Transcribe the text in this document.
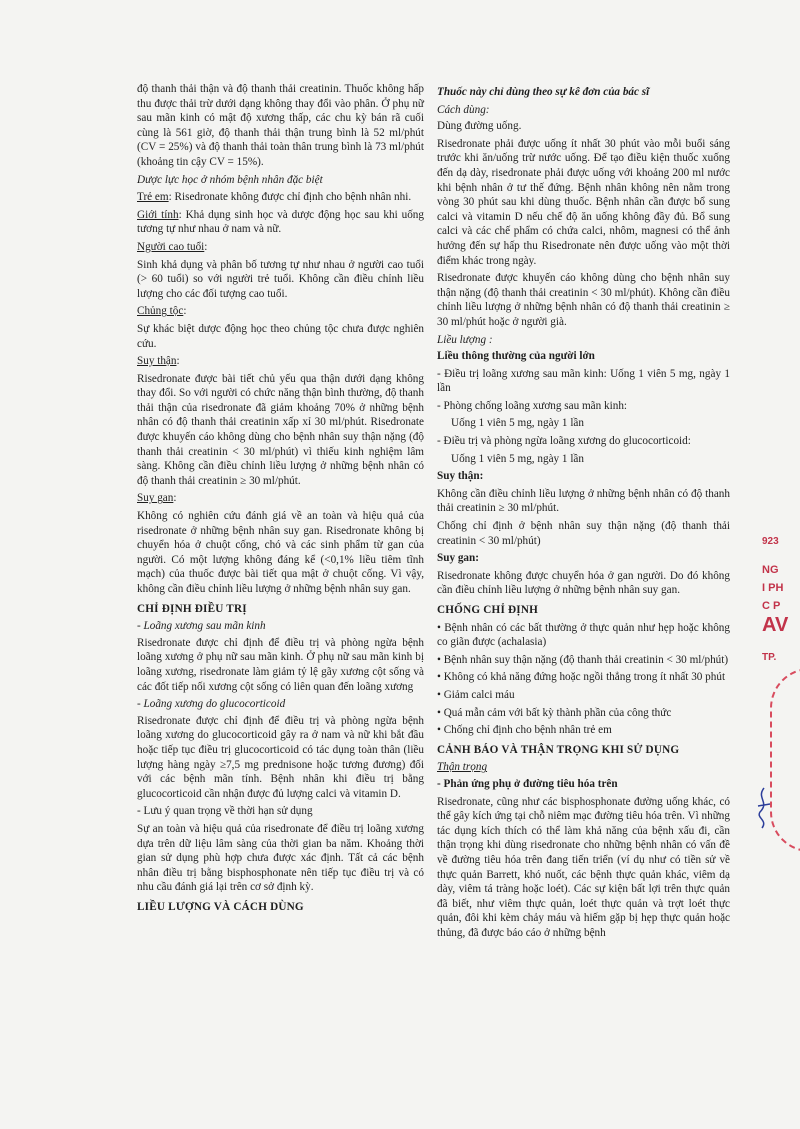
độ thanh thải thận và độ thanh thải creatinin. Thuốc không hấp thu được thải trừ dưới dạng không thay đổi vào phân. Ở phụ nữ sau mãn kinh có mật độ xương thấp, các chu kỳ bán rã cuối cùng là 561 giờ, độ thanh thải thận trung bình là 52 ml/phút (CV = 25%) và độ thanh thải toàn thân trung bình là 73 ml/phút (khoảng tin cậy CV = 15%).

Dược lực học ở nhóm bệnh nhân đặc biệt

Trẻ em: Risedronate không được chỉ định cho bệnh nhân nhi.

Giới tính: Khả dụng sinh học và dược động học sau khi uống tương tự như nhau ở nam và nữ.

Người cao tuổi:

Sinh khả dụng và phân bố tương tự như nhau ở người cao tuổi (> 60 tuổi) so với người trẻ tuổi. Không cần điều chỉnh liều lượng cho các đối tượng cao tuổi.

Chủng tộc:

Sự khác biệt dược động học theo chủng tộc chưa được nghiên cứu.

Suy thận:

Risedronate được bài tiết chủ yếu qua thận dưới dạng không thay đổi. So với người có chức năng thận bình thường, độ thanh thải thận của risedronate đã giảm khoảng 70% ở những bệnh nhân có độ thanh thải creatinin xấp xỉ 30 ml/phút. Risedronate được khuyến cáo không dùng cho bệnh nhân suy thận nặng (độ thanh thải creatinin < 30 ml/phút) vì thiếu kinh nghiệm lâm sàng. Không cần điều chỉnh liều lượng ở những bệnh nhân có độ thanh thải creatinin ≥ 30 ml/phút.

Suy gan:

Không có nghiên cứu đánh giá về an toàn và hiệu quả của risedronate ở những bệnh nhân suy gan. Risedronate không bị chuyển hóa ở chuột cống, chó và các sinh phẩm từ gan của người. Có một lượng không đáng kể (<0,1% liều tiêm tĩnh mạch) của thuốc được bài tiết qua mật ở chuột cống. Vì vậy, không cần điều chỉnh liều lượng ở những bệnh nhân suy gan.

CHỈ ĐỊNH ĐIỀU TRỊ

- Loãng xương sau mãn kinh

Risedronate được chỉ định để điều trị và phòng ngừa bệnh loãng xương ở phụ nữ sau mãn kinh. Ở phụ nữ sau mãn kinh bị loãng xương, risedronate làm giảm tỷ lệ gãy xương cột sống và các đốt tiếp nối xương cột sống có liên quan đến loãng xương

- Loãng xương do glucocorticoid

Risedronate được chỉ định để điều trị và phòng ngừa bệnh loãng xương do glucocorticoid gây ra ở nam và nữ khi bắt đầu hoặc tiếp tục điều trị glucocorticoid có tác dụng toàn thân (liều lượng hàng ngày ≥7,5 mg prednisone hoặc tương đương) đối với các bệnh mãn tính. Bệnh nhân khi điều trị bằng glucocorticoid cần nhận được đủ lượng calci và vitamin D.

- Lưu ý quan trọng về thời hạn sử dụng

Sự an toàn và hiệu quả của risedronate để điều trị loãng xương dựa trên dữ liệu lâm sàng của thời gian ba năm. Khoảng thời gian sử dụng phù hợp chưa được xác định. Tất cả các bệnh nhân điều trị bằng bisphosphonate nên tiếp tục điều trị và có nhu cầu đánh giá lại trên cơ sở định kỳ.

LIỀU LƯỢNG VÀ CÁCH DÙNG

Thuốc này chỉ dùng theo sự kê đơn của bác sĩ

Cách dùng:

Dùng đường uống.

Risedronate phải được uống ít nhất 30 phút vào mỗi buổi sáng trước khi ăn/uống trừ nước uống. Để tạo điều kiện thuốc xuống đến dạ dày, risedronate phải được uống với khoảng 200 ml nước khi bệnh nhân ở tư thế đứng. Bệnh nhân không nên nằm trong vòng 30 phút sau khi dùng thuốc. Bệnh nhân cần được bổ sung calci và vitamin D nếu chế độ ăn uống không đầy đủ. Bổ sung calci và các chế phẩm có chứa calci, nhôm, magnesi có thể ảnh hưởng đến sự hấp thu Risedronate nên được uống vào một thời điểm khác trong ngày.

Risedronate được khuyến cáo không dùng cho bệnh nhân suy thận nặng (độ thanh thải creatinin < 30 ml/phút). Không cần điều chỉnh liều lượng ở những bệnh nhân có độ thanh thải creatinin ≥ 30 ml/phút hoặc ở người già.

Liều lượng :

Liều thông thường của người lớn

- Điều trị loãng xương sau mãn kinh: Uống 1 viên 5 mg, ngày 1 lần

- Phòng chống loãng xương sau mãn kinh:

Uống 1 viên 5 mg, ngày 1 lần

- Điều trị và phòng ngừa loãng xương do glucocorticoid:

Uống 1 viên 5 mg, ngày 1 lần

Suy thận:

Không cần điều chỉnh liều lượng ở những bệnh nhân có độ thanh thải creatinin ≥ 30 ml/phút.

Chống chỉ định ở bệnh nhân suy thận nặng (độ thanh thải creatinin < 30 ml/phút)

Suy gan:

Risedronate không được chuyển hóa ở gan người. Do đó không cần điều chỉnh liều lượng ở những bệnh nhân suy gan.

CHỐNG CHỈ ĐỊNH

• Bệnh nhân có các bất thường ở thực quản như hẹp hoặc không co giãn được (achalasia)

• Bệnh nhân suy thận nặng (độ thanh thải creatinin < 30 ml/phút)

• Không có khả năng đứng hoặc ngồi thẳng trong ít nhất 30 phút

• Giảm calci máu

• Quá mẫn cảm với bất kỳ thành phần của công thức

• Chống chỉ định cho bệnh nhân trẻ em

CẢNH BÁO VÀ THẬN TRỌNG KHI SỬ DỤNG

Thận trọng

- Phản ứng phụ ở đường tiêu hóa trên

Risedronate, cũng như các bisphosphonate đường uống khác, có thể gây kích ứng tại chỗ niêm mạc đường tiêu hóa trên. Vì những tác dụng kích thích có thể làm khả năng của bệnh xấu đi, cần thận trọng khi dùng risedronate cho những bệnh nhân có vấn đề về đường tiêu hóa trên đang tiến triển (ví dụ như có tiền sử về thực quản Barrett, khó nuốt, các bệnh thực quản khác, viêm dạ dày, viêm tá tràng hoặc loét). Các sự kiện bất lợi trên thực quản đã biết, như viêm thực quản, loét thực quản và trợt loét thực quản, đôi khi kèm chảy máu và hiếm gặp bị hẹp thực quản hoặc thủng, đã được báo cáo ở những bệnh

923
NG
I PH
C P
AV
TP.
